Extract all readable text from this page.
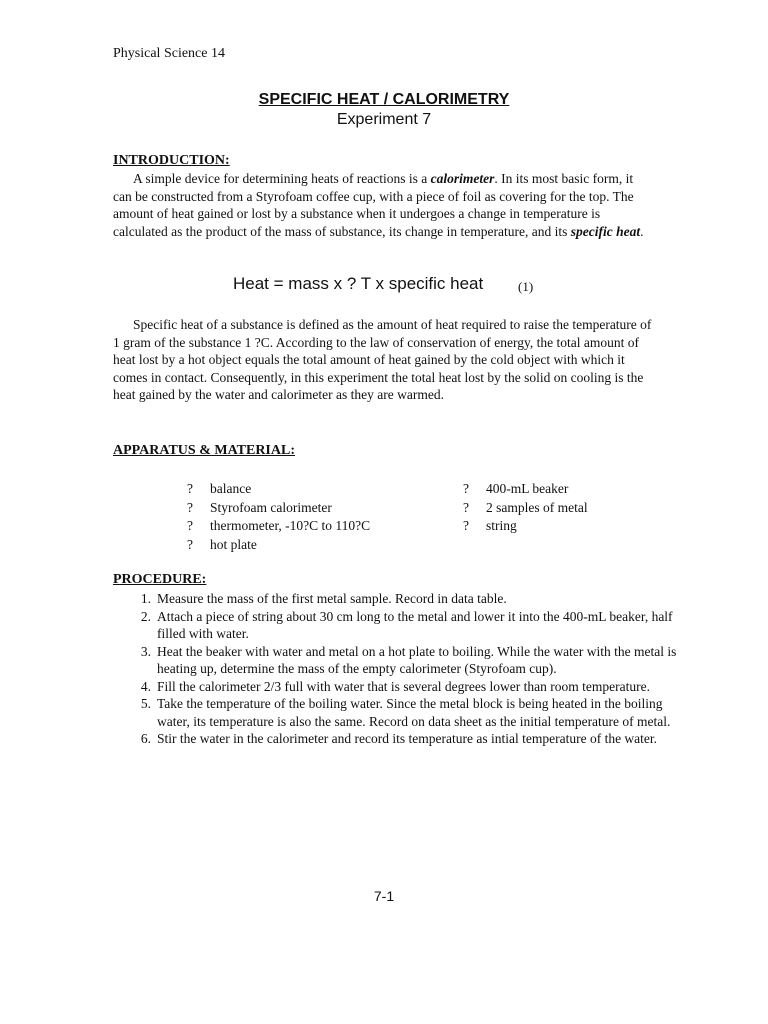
Physical Science 14
SPECIFIC HEAT / CALORIMETRY
Experiment 7
INTRODUCTION:
A simple device for determining heats of reactions is a calorimeter. In its most basic form, it can be constructed from a Styrofoam coffee cup, with a piece of foil as covering for the top. The amount of heat gained or lost by a substance when it undergoes a change in temperature is calculated as the product of the mass of substance, its change in temperature, and its specific heat.
Heat = mass x ? T x specific heat	(1)
Specific heat of a substance is defined as the amount of heat required to raise the temperature of 1 gram of the substance 1 ?C. According to the law of conservation of energy, the total amount of heat lost by a hot object equals the total amount of heat gained by the cold object with which it comes in contact. Consequently, in this experiment the total heat lost by the solid on cooling is the heat gained by the water and calorimeter as they are warmed.
APPARATUS & MATERIAL:
?	balance
?	Styrofoam calorimeter
?	thermometer, -10?C to 110?C
?	hot plate
?	400-mL beaker
?	2 samples of metal
?	string
PROCEDURE:
1. Measure the mass of the first metal sample. Record in data table.
2. Attach a piece of string about 30 cm long to the metal and lower it into the 400-mL beaker, half filled with water.
3. Heat the beaker with water and metal on a hot plate to boiling. While the water with the metal is heating up, determine the mass of the empty calorimeter (Styrofoam cup).
4. Fill the calorimeter 2/3 full with water that is several degrees lower than room temperature.
5. Take the temperature of the boiling water. Since the metal block is being heated in the boiling water, its temperature is also the same. Record on data sheet as the initial temperature of metal.
6. Stir the water in the calorimeter and record its temperature as intial temperature of the water.
7-1
